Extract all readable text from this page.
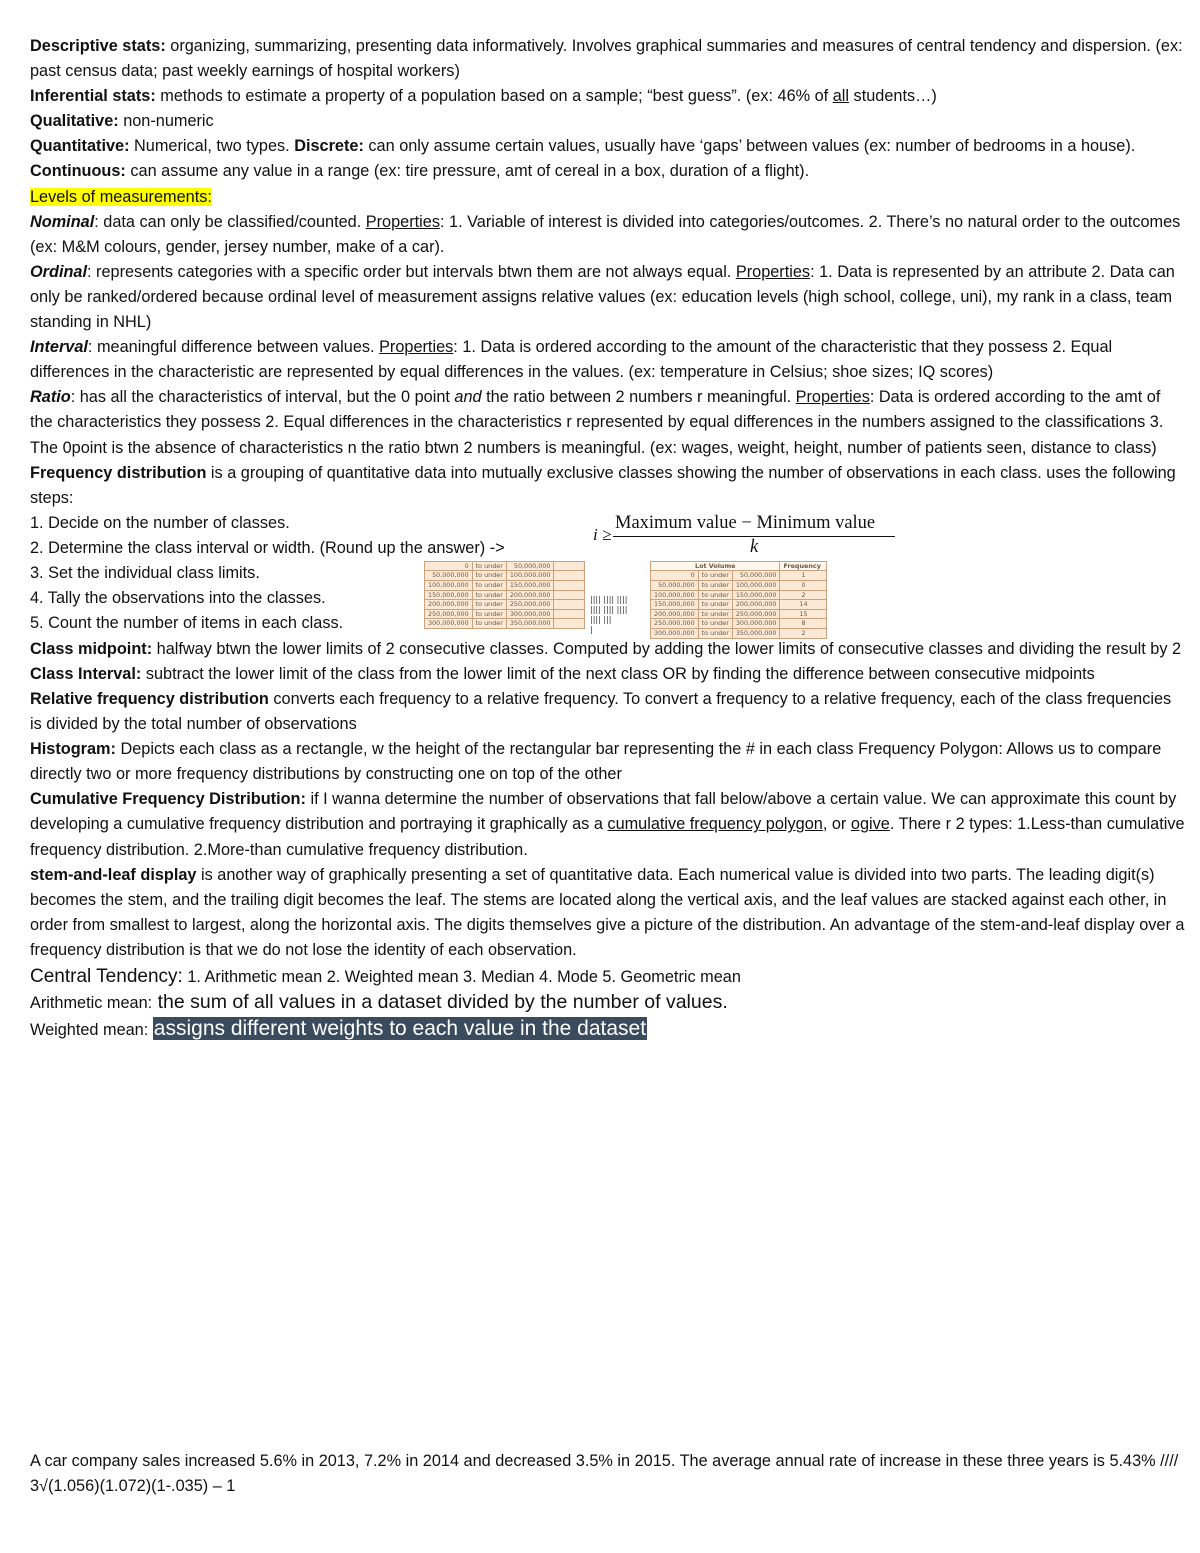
Descriptive stats: organizing, summarizing, presenting data informatively. Involves graphical summaries and measures of central tendency and dispersion. (ex: past census data; past weekly earnings of hospital workers)

Inferential stats: methods to estimate a property of a population based on a sample; “best guess”. (ex: 46% of all students…)

Qualitative: non-numeric

Quantitative: Numerical, two types. Discrete: can only assume certain values, usually have ‘gaps’ between values (ex: number of bedrooms in a house). Continuous: can assume any value in a range (ex: tire pressure, amt of cereal in a box, duration of a flight).

Levels of measurements:

Nominal: data can only be classified/counted. Properties: 1. Variable of interest is divided into categories/outcomes. 2. There’s no natural order to the outcomes (ex: M&M colours, gender, jersey number, make of a car).

Ordinal: represents categories with a specific order but intervals btwn them are not always equal. Properties: 1. Data is represented by an attribute 2. Data can only be ranked/ordered because ordinal level of measurement assigns relative values (ex: education levels (high school, college, uni), my rank in a class, team standing in NHL)

Interval: meaningful difference between values. Properties: 1. Data is ordered according to the amount of the characteristic that they possess 2. Equal differences in the characteristic are represented by equal differences in the values. (ex: temperature in Celsius; shoe sizes; IQ scores)

Ratio: has all the characteristics of interval, but the 0 point and the ratio between 2 numbers r meaningful. Properties: Data is ordered according to the amt of the characteristics they possess 2. Equal differences in the characteristics r represented by equal differences in the numbers assigned to the classifications 3. The 0point is the absence of characteristics n the ratio btwn 2 numbers is meaningful. (ex: wages, weight, height, number of patients seen, distance to class)

Frequency distribution is a grouping of quantitative data into mutually exclusive classes showing the number of observations in each class. uses the following steps:

1. Decide on the number of classes.

2. Determine the class interval or width. (Round up the answer) ->

3. Set the individual class limits.

4. Tally the observations into the classes.

5. Count the number of items in each class.

i ≥
Maximum value − Minimum value
k
0	to under	50,000,000	
50,000,000	to under	100,000,000	
100,000,000	to under	150,000,000	
150,000,000	to under	200,000,000	
200,000,000	to under	250,000,000	
250,000,000	to under	300,000,000	
300,000,000	to under	350,000,000	
|||| |||| ||||
|||| |||| ||||
|||| |||
|
Lot Volume			Frequency
0	to under	50,000,000	1
50,000,000	to under	100,000,000	0
100,000,000	to under	150,000,000	2
150,000,000	to under	200,000,000	14
200,000,000	to under	250,000,000	15
250,000,000	to under	300,000,000	8
300,000,000	to under	350,000,000	2

Class midpoint: halfway btwn the lower limits of 2 consecutive classes. Computed by adding the lower limits of consecutive classes and dividing the result by 2

Class Interval: subtract the lower limit of the class from the lower limit of the next class OR by finding the difference between consecutive midpoints

Relative frequency distribution converts each frequency to a relative frequency. To convert a frequency to a relative frequency, each of the class frequencies is divided by the total number of observations

Histogram: Depicts each class as a rectangle, w the height of the rectangular bar representing the # in each class Frequency Polygon: Allows us to compare directly two or more frequency distributions by constructing one on top of the other

Cumulative Frequency Distribution: if I wanna determine the number of observations that fall below/above a certain value. We can approximate this count by developing a cumulative frequency distribution and portraying it graphically as a cumulative frequency polygon, or ogive. There r 2 types: 1.Less-than cumulative frequency distribution. 2.More-than cumulative frequency distribution.

stem-and-leaf display is another way of graphically presenting a set of quantitative data. Each numerical value is divided into two parts. The leading digit(s) becomes the stem, and the trailing digit becomes the leaf. The stems are located along the vertical axis, and the leaf values are stacked against each other, in order from smallest to largest, along the horizontal axis. The digits themselves give a picture of the distribution. An advantage of the stem-and-leaf display over a frequency distribution is that we do not lose the identity of each observation.

Central Tendency: 1. Arithmetic mean 2. Weighted mean 3. Median 4. Mode 5. Geometric mean

Arithmetic mean: the sum of all values in a dataset divided by the number of values.

Weighted mean: assigns different weights to each value in the dataset

A car company sales increased 5.6% in 2013, 7.2% in 2014 and decreased 3.5% in 2015. The average annual rate of increase in these three years is 5.43% //// 3√(1.056)(1.072)(1-.035) – 1
